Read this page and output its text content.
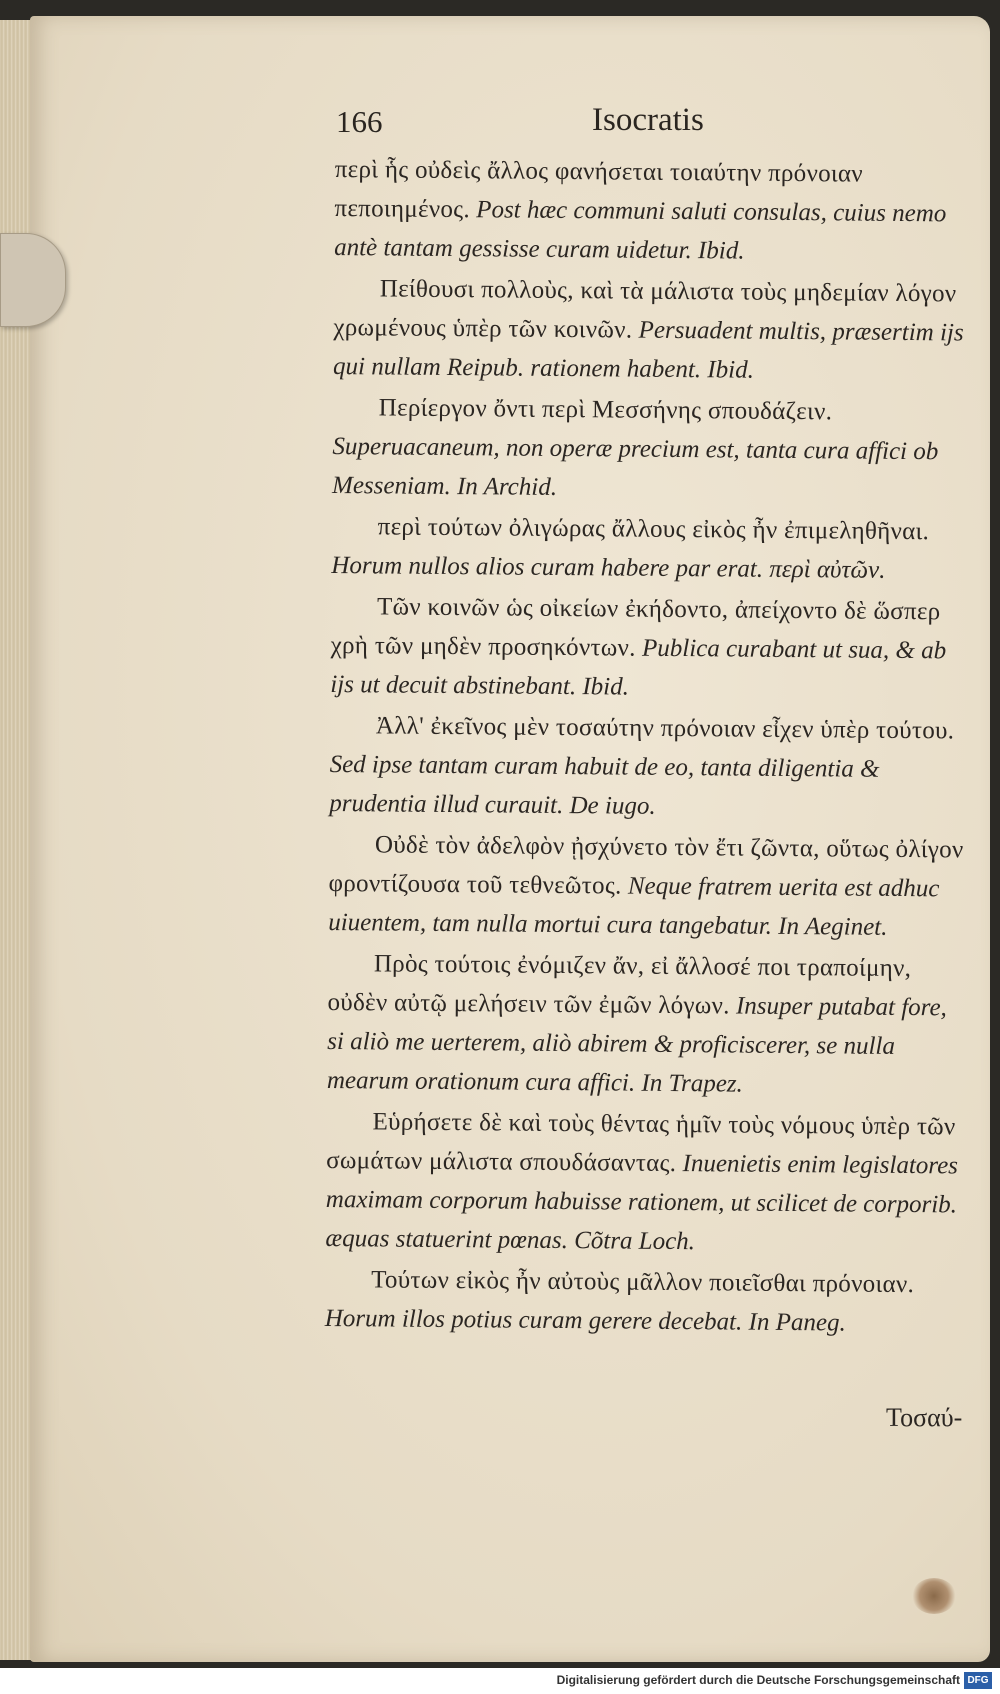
166	Isocratis

περὶ ἧς οὐδεὶς ἄλλος φανήσεται τοιαύτην πρόνοιαν πεποιημένος. Post hæc communi saluti consulas, cuius nemo antè tantam gessisse curam uidetur. Ibid.

Πείθουσι πολλοὺς, καὶ τὰ μάλιστα τοὺς μηδεμίαν λόγον χρωμένους ὑπὲρ τῶν κοινῶν. Persuadent multis, præsertim ijs qui nullam Reipub. rationem habent. Ibid.

Περίεργον ὄντι περὶ Μεσσήνης σπουδάζειν. Superuacaneum, non operæ precium est, tanta cura affici ob Messeniam. In Archid.

περὶ τούτων ὀλιγώρας ἄλλους εἰκὸς ἦν ἐπιμεληθῆναι. Horum nullos alios curam habere par erat. περὶ αὐτῶν.

Τῶν κοινῶν ὡς οἰκείων ἐκήδοντο, ἀπείχοντο δὲ ὥσπερ χρὴ τῶν μηδὲν προσηκόντων. Publica curabant ut sua, & ab ijs ut decuit abstinebant. Ibid.

Ἀλλ' ἐκεῖνος μὲν τοσαύτην πρόνοιαν εἶχεν ὑπὲρ τούτου. Sed ipse tantam curam habuit de eo, tanta diligentia & prudentia illud curauit. De iugo.

Οὐδὲ τὸν ἀδελφὸν ᾐσχύνετο τὸν ἔτι ζῶντα, οὕτως ὀλίγον φροντίζουσα τοῦ τεθνεῶτος. Neque fratrem uerita est adhuc uiuentem, tam nulla mortui cura tangebatur. In Aeginet.

Πρὸς τούτοις ἐνόμιζεν ἄν, εἰ ἄλλοσέ ποι τραποίμην, οὐδὲν αὐτῷ μελήσειν τῶν ἐμῶν λόγων. Insuper putabat fore, si aliò me uerterem, aliò abirem & proficiscerer, se nulla mearum orationum cura affici. In Trapez.

Εὑρήσετε δὲ καὶ τοὺς θέντας ἡμῖν τοὺς νόμους ὑπὲρ τῶν σωμάτων μάλιστα σπουδάσαντας. Inuenietis enim legislatores maximam corporum habuisse rationem, ut scilicet de corporib. æquas statuerint pœnas. Cõtra Loch.

Τούτων εἰκὸς ἦν αὐτοὺς μᾶλλον ποιεῖσθαι πρόνοιαν. Horum illos potius curam gerere decebat. In Paneg.

Τοσαύ-
Digitalisierung gefördert durch die Deutsche Forschungsgemeinschaft DFG
